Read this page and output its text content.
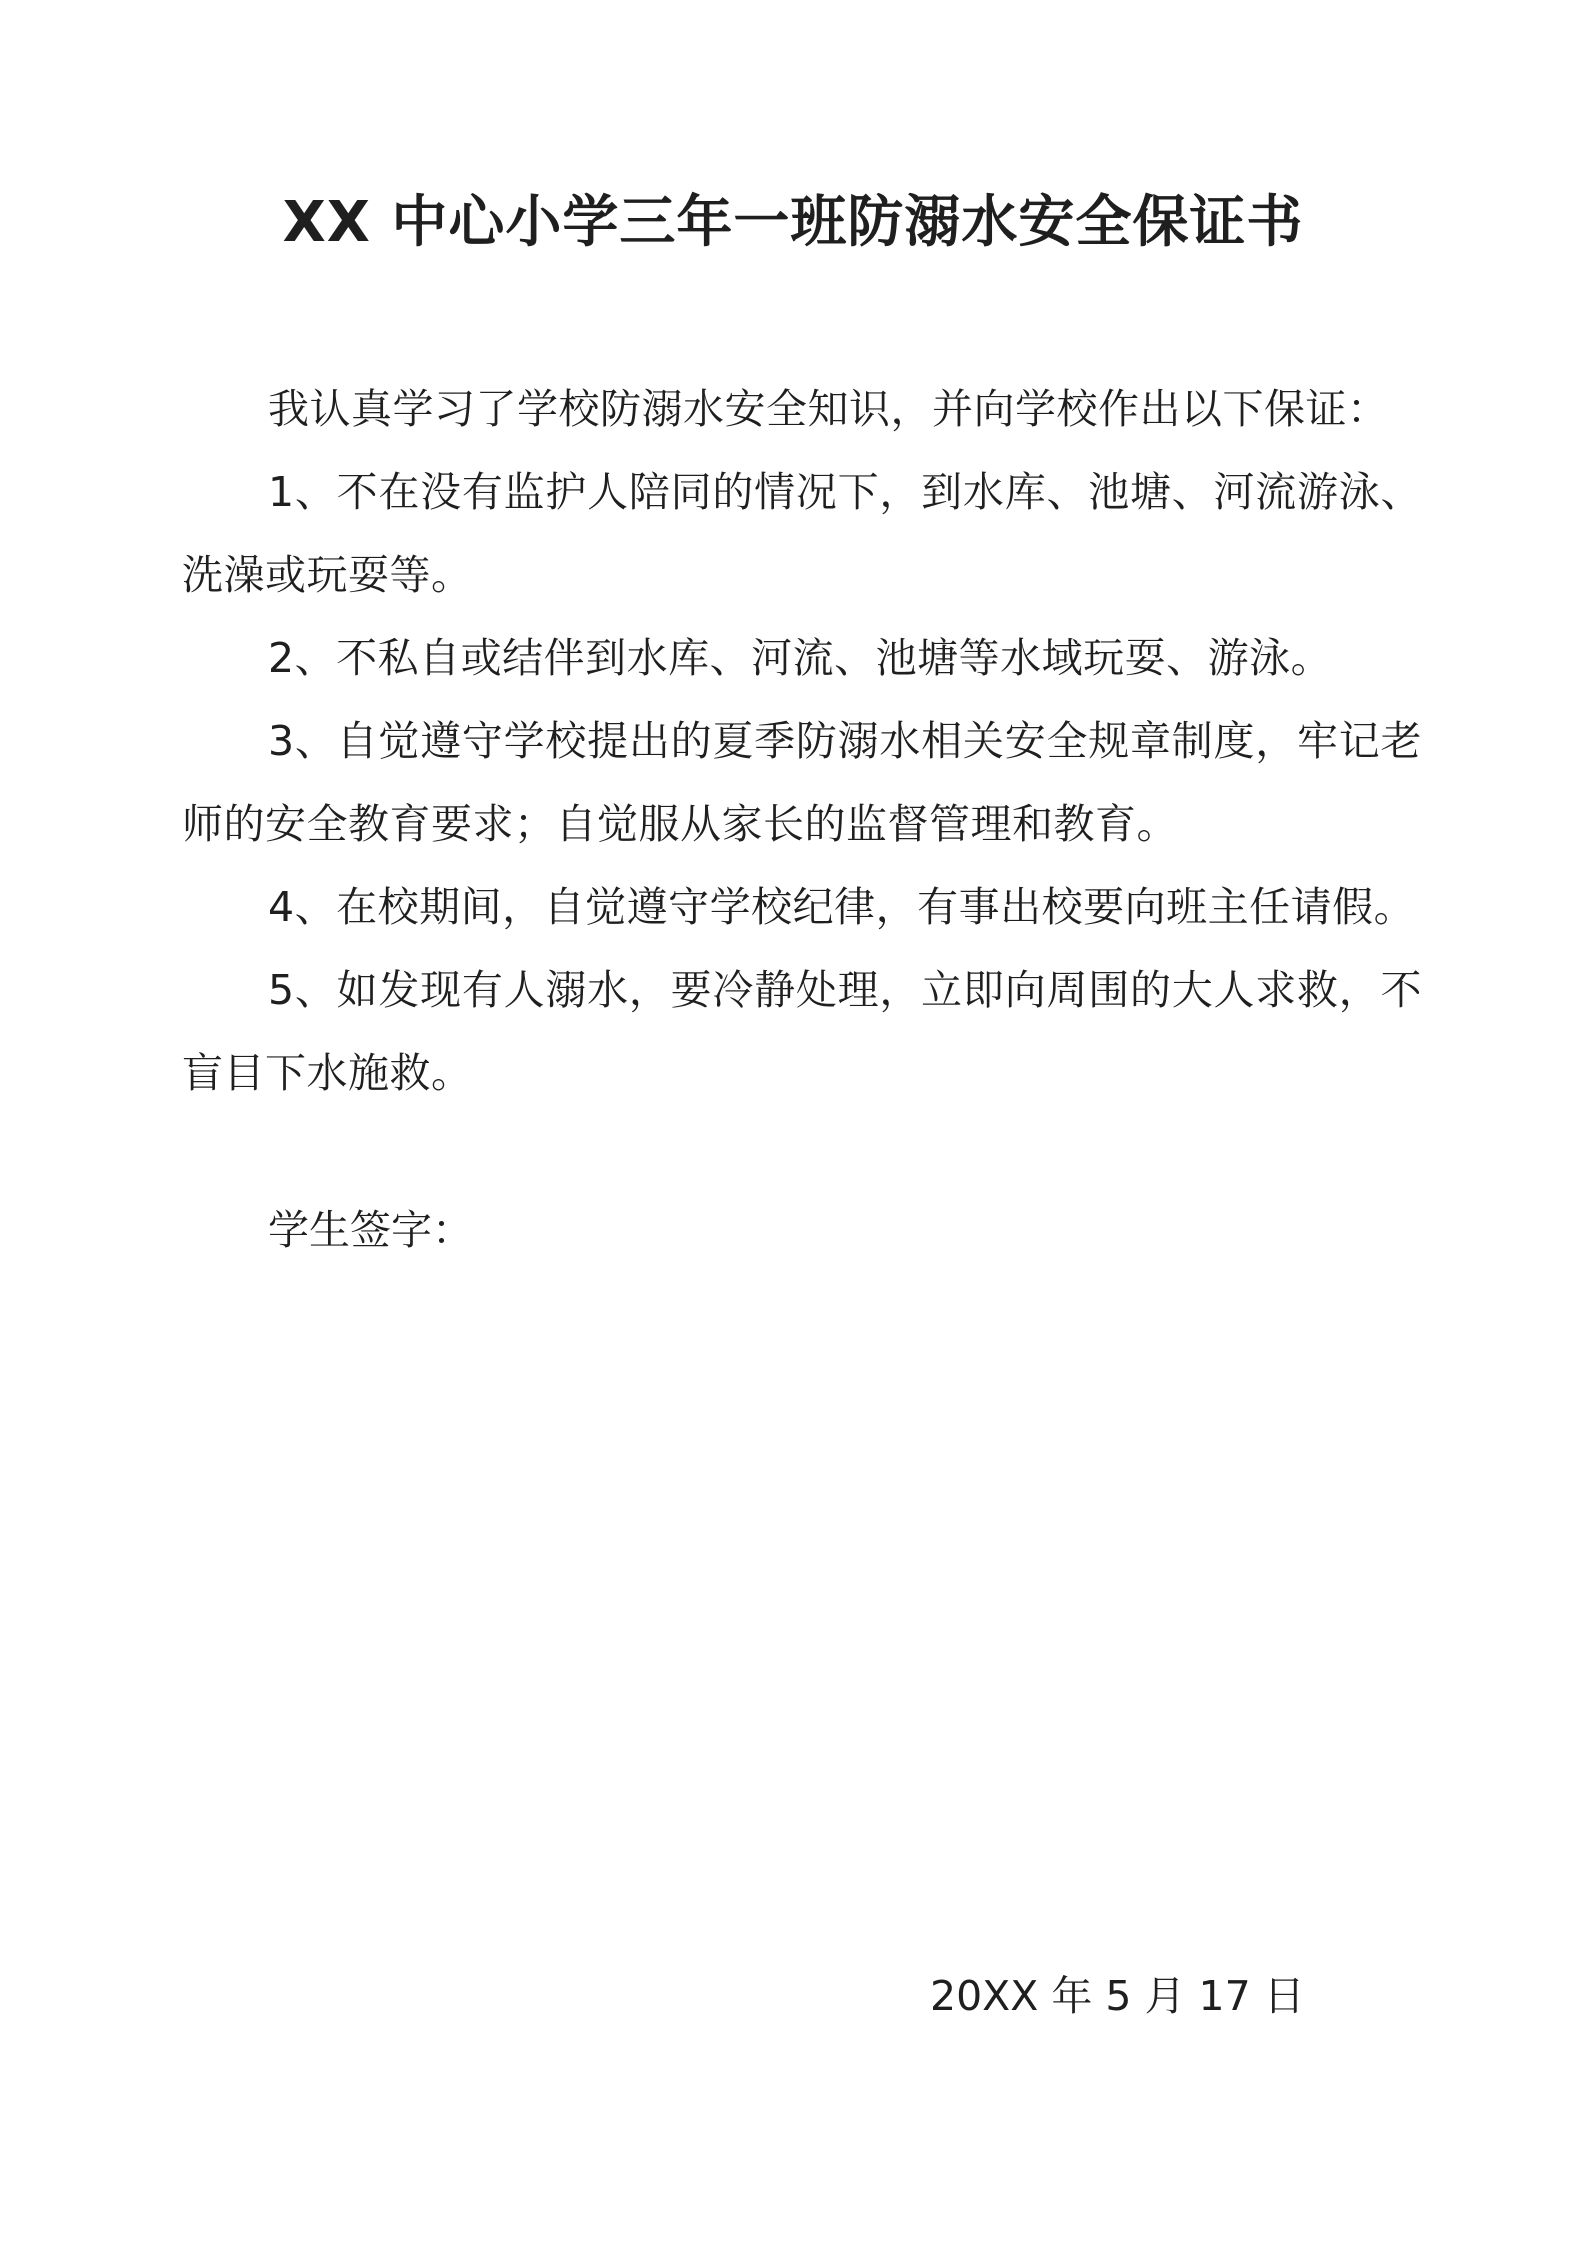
XX 中心小学三年一班防溺水安全保证书

我认真学习了学校防溺水安全知识，并向学校作出以下保证：

1、不在没有监护人陪同的情况下，到水库、池塘、河流游泳、洗澡或玩耍等。

2、不私自或结伴到水库、河流、池塘等水域玩耍、游泳。

3、自觉遵守学校提出的夏季防溺水相关安全规章制度，牢记老师的安全教育要求；自觉服从家长的监督管理和教育。

4、在校期间，自觉遵守学校纪律，有事出校要向班主任请假。

5、如发现有人溺水，要冷静处理，立即向周围的大人求救，不盲目下水施救。

学生签字：

20XX 年 5 月 17 日
